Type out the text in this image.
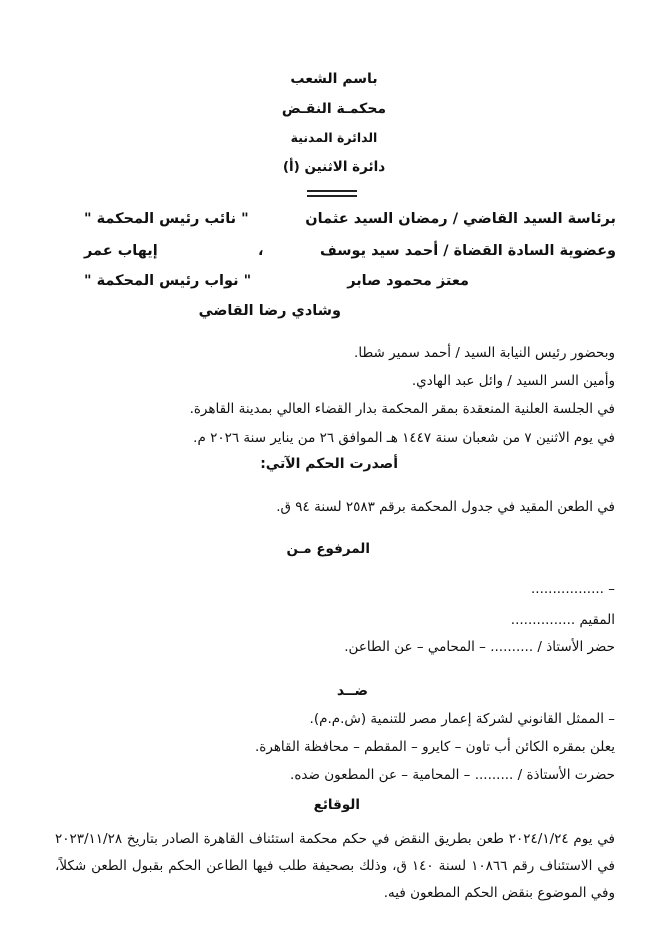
باسم الشعب
محكمـة النقـض
الدائرة المدنية
دائرة الاثنين (أ)
برئاسة السيد القاضي / رمضان السيد عثمان
" نائب رئيس المحكمة "
وعضوية السادة القضاة / أحمد سيد يوسف
،
إيهاب عمر
معتز محمود صابر
" نواب رئيس المحكمة "
وشادي رضا القاضي
وبحضور رئيس النيابة السيد / أحمد سمير شطا.
وأمين السر السيد / وائل عبد الهادي.
في الجلسة العلنية المنعقدة بمقر المحكمة بدار القضاء العالي بمدينة القاهرة.
في يوم الاثنين ٧ من شعبان سنة ١٤٤٧ هـ الموافق ٢٦ من يناير سنة ٢٠٢٦ م.
أصدرت الحكم الآتي:
في الطعن المقيد في جدول المحكمة برقم ٢٥٨٣ لسنة ٩٤ ق.
المرفوع مـن
– .................
المقيم ...............
حضر الأستاذ / .......... – المحامي – عن الطاعن.
ضــد
– الممثل القانوني لشركة إعمار مصر للتنمية (ش.م.م).
يعلن بمقره الكائن أب تاون – كايرو – المقطم – محافظة القاهرة.
حضرت الأستاذة / ......... – المحامية – عن المطعون ضده.
الوقائع
في يوم ٢٠٢٤/١/٢٤ طعن بطريق النقض في حكم محكمة استئناف القاهرة الصادر بتاريخ ٢٠٢٣/١١/٢٨ في الاستئناف رقم ١٠٨٦٦ لسنة ١٤٠ ق، وذلك بصحيفة طلب فيها الطاعن الحكم بقبول الطعن شكلاً، وفي الموضوع بنقض الحكم المطعون فيه.
